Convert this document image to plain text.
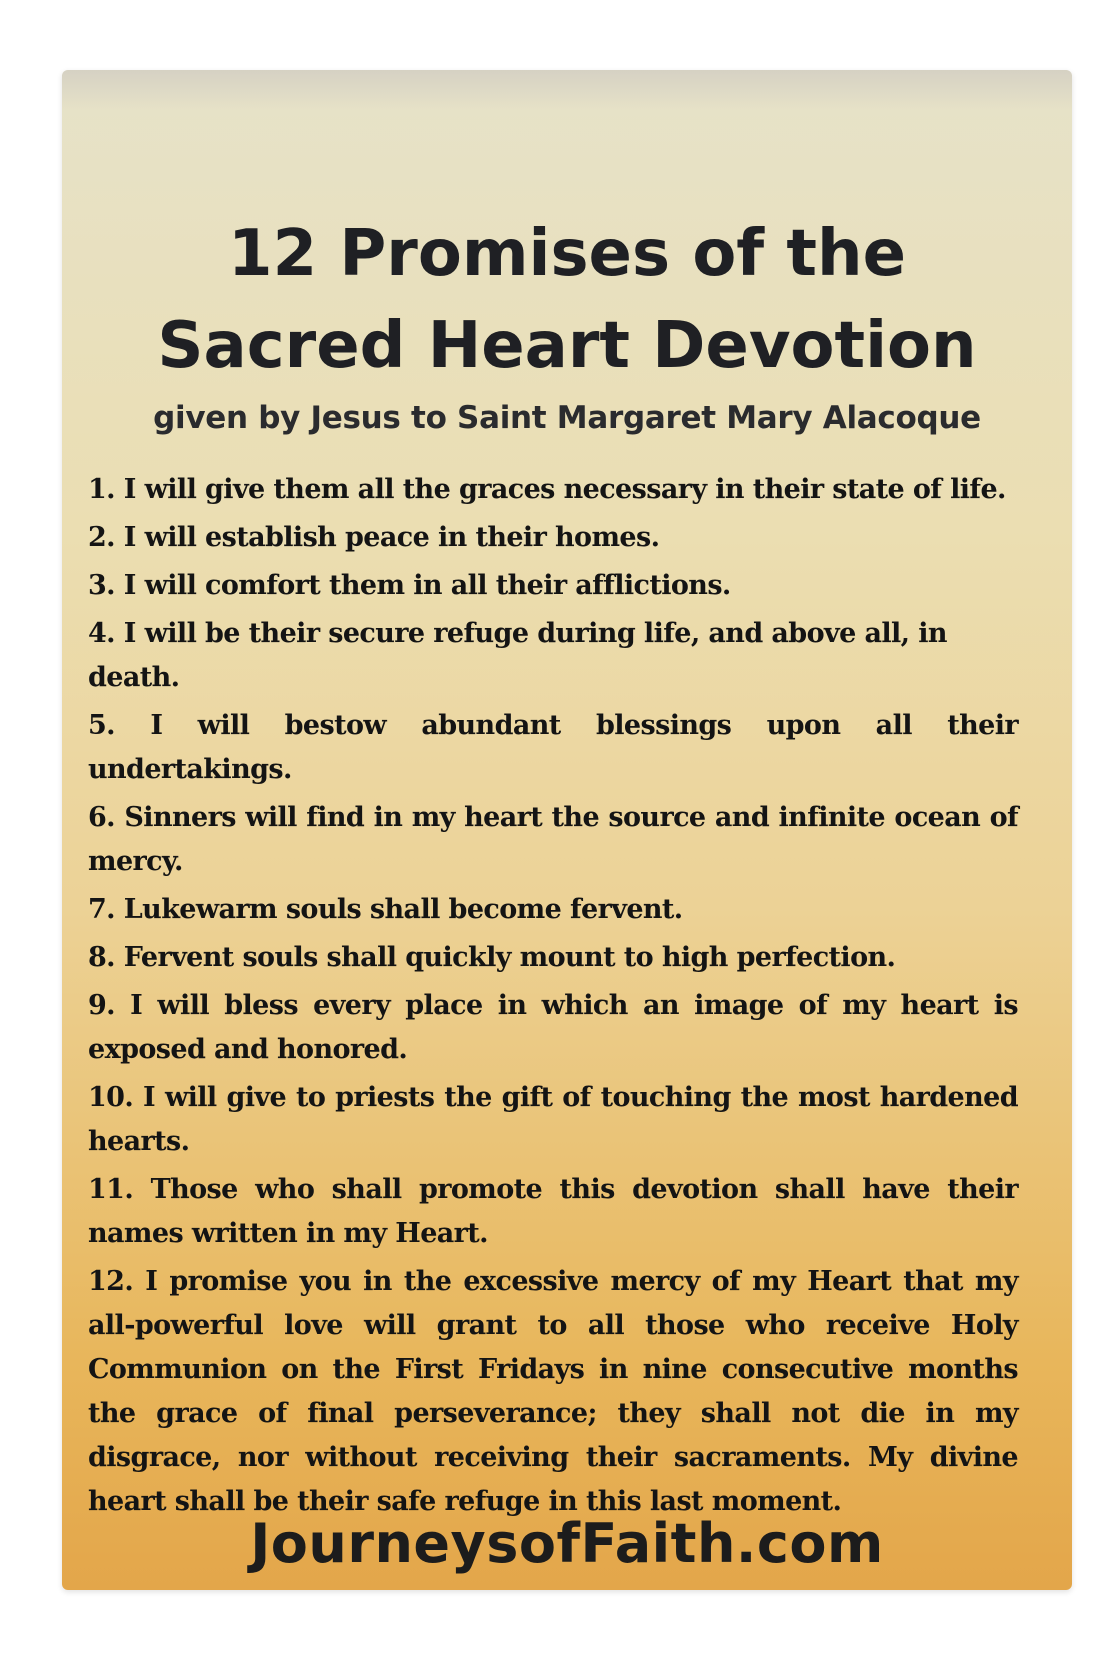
12 Promises of the
Sacred Heart Devotion
given by Jesus to Saint Margaret Mary Alacoque
1. I will give them all the graces necessary in their state of life.
2. I will establish peace in their homes.
3. I will comfort them in all their afflictions.
4. I will be their secure refuge during life, and above all, in death.
5. I will bestow abundant blessings upon all their undertakings.
6. Sinners will find in my heart the source and infinite ocean of mercy.
7. Lukewarm souls shall become fervent.
8. Fervent souls shall quickly mount to high perfection.
9. I will bless every place in which an image of my heart is exposed and honored.
10. I will give to priests the gift of touching the most hardened hearts.
11. Those who shall promote this devotion shall have their names written in my Heart.
12. I promise you in the excessive mercy of my Heart that my all-powerful love will grant to all those who receive Holy Communion on the First Fridays in nine consecutive months the grace of final perseverance; they shall not die in my disgrace, nor without receiving their sacraments. My divine heart shall be their safe refuge in this last moment.
JourneysofFaith.com
